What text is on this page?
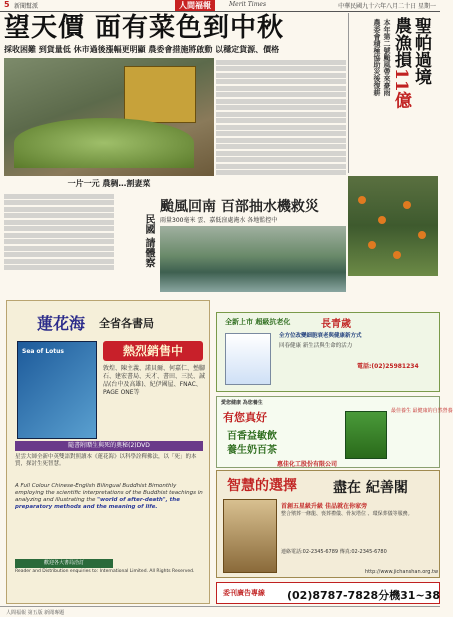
5 新聞幫派	人間福報	Merit Times	中華民國九十六年八月二十日 星期一
望天價 面有菜色到中秋
採收困難 到貨量低 休市過後漲幅更明顯 農委會措施將啟動 以穩定貨源、價格
一片一元 農稠…割妻菜
聖帕過境
農漁損11億
本年第二號颱風帶來豪雨
農委會積極協助災後復耕
颱風回南 百部抽水機救災
雨量300毫米 雲、嘉低窪處淹水 各地監控中
民國 請體察
蓮花海 全省各書局
Sea of Lotus	熱烈銷售中
敦煌、陳主義、諾貝爾、何嘉仁、墊腳石、建宏書局、天才、書田、三民、誠品(台中及高雄)、紀伊國屋、FNAC、PAGE ONE等
隨書附贈生與死的奧秘(2)DVD
星雲大師全新中英雙語對照讀本《蓮花海》以科學詮釋佛法，以「死」的本質，探討生死智慧。
A Full Colour Chinese-English Bilingual Buddhist Bimonthly employing the scientific interpretations of the Buddhist teachings in analyzing and illustrating the "world of after-death", the preparatory methods and the meaning of life.
歡迎各大書局洽訂
Reader and Distribution enquiries to: International Limited. All Rights Reserved.
全新上市 超級抗老化	長青歲
全方位改變細胞衰老與健康新方式
回春健康 新生活與生命的活力
電話:(02)25981234
愛您健康 為您養生
有您真好
百香益敏飲
養生奶百茶
最佳養生 最健康的自然營養
惠佳化工股份有限公司
智慧的選擇	盡在 紀善閣
首創五星級升級 佳品就在你家旁
整合殯葬一條龍、喪葬禮儀、骨灰塔位 、環保葬儀等服務。
連絡電話:02-2345-6789 傳真:02-2345-6780
http://www.jichanshan.org.tw
委刊廣告專線 (02)8787-7828分機31~38
人間福報 第五版 新聞專題
